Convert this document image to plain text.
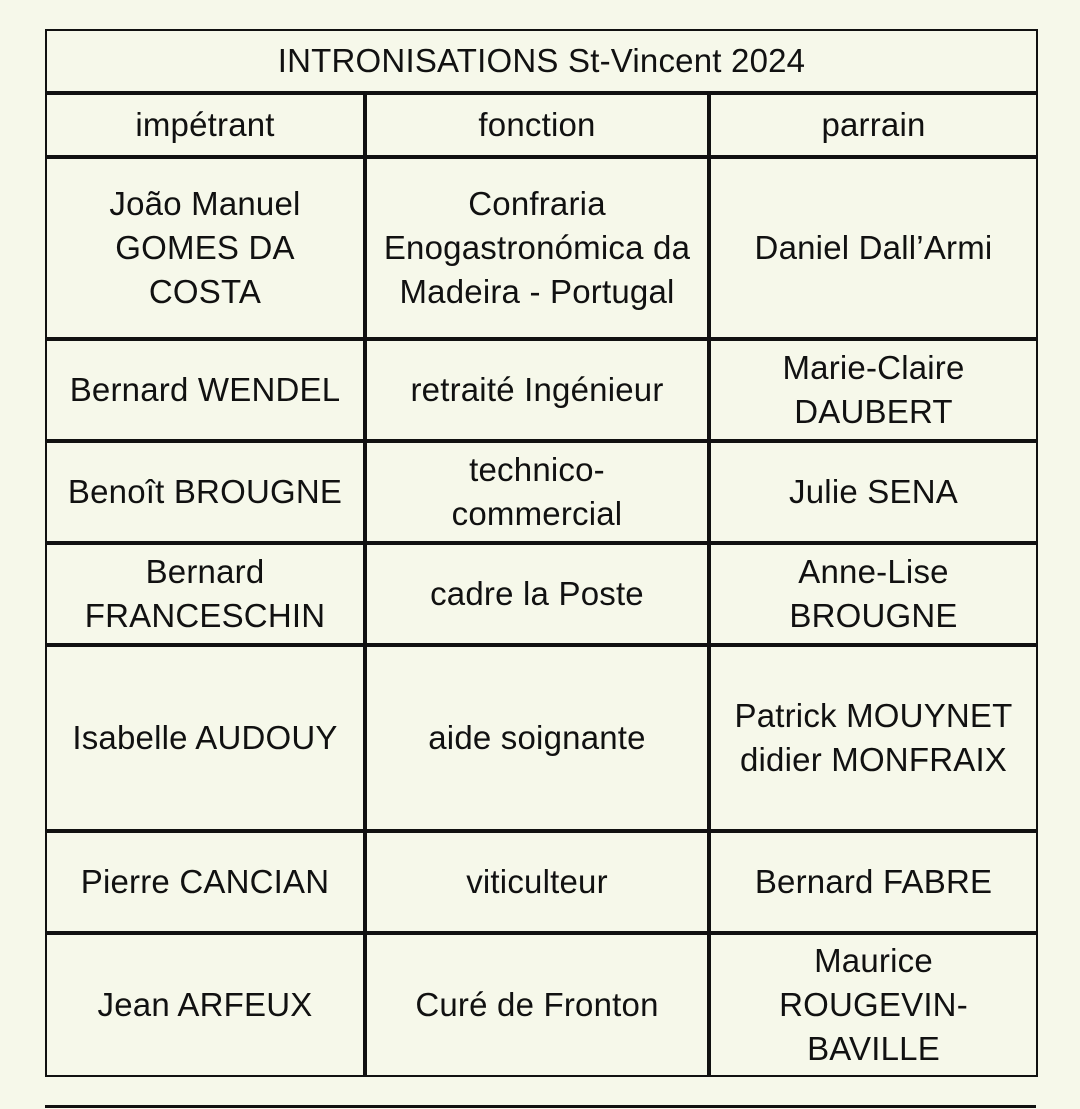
INTRONISATIONS St-Vincent 2024		
impétrant	fonction	parrain

João Manuel GOMES DA COSTA	Confraria Enogastronómica da Madeira - Portugal	Daniel Dall’Armi

Bernard WENDEL	retraité Ingénieur	Marie-Claire DAUBERT

Benoît BROUGNE	technico-commercial	Julie SENA

Bernard FRANCESCHIN	cadre la Poste	Anne-Lise BROUGNE

Isabelle AUDOUY	aide soignante	Patrick MOUYNET didier MONFRAIX

Pierre CANCIAN	viticulteur	Bernard FABRE

Jean ARFEUX	Curé de Fronton	Maurice ROUGEVIN-BAVILLE
